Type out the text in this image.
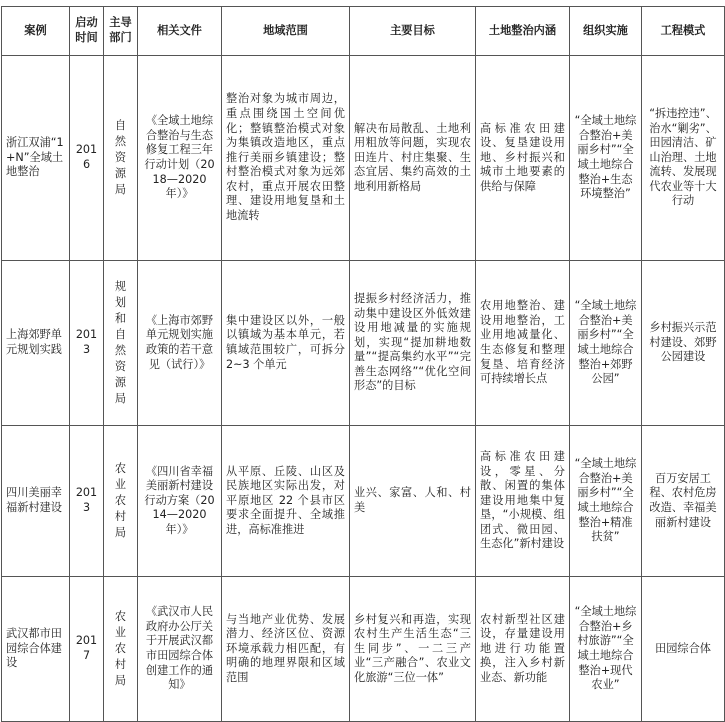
案例	启动时间	主导部门	相关文件	地域范围	主要目标	土地整治内涵	组织实施	工程模式
浙江双浦“1+N”全域土地整治	2016	自然资源局	《全域土地综合整治与生态修复工程三年行动计划（2018—2020年）》	整治对象为城市周边，重点围绕国土空间优化；整镇整治模式对象为集镇改造地区，重点推行美丽乡镇建设；整村整治模式对象为远郊农村，重点开展农田整理、建设用地复垦和土地流转	解决布局散乱、土地利用粗放等问题，实现农田连片、村庄集聚、生态宜居、集约高效的土地利用新格局	高标准农田建设、复垦建设用地、乡村振兴和城市土地要素的供给与保障	“全域土地综合整治+美丽乡村”“全域土地综合整治+生态环境整治”	“拆违控违”、治水“剿劣”、田园清洁、矿山治理、土地流转、发展现代农业等十大行动
上海郊野单元规划实践	2013	规划和自然资源局	《上海市郊野单元规划实施政策的若干意见（试行）》	集中建设区以外，一般以镇域为基本单元，若镇域范围较广，可拆分 2~3 个单元	提振乡村经济活力，推动集中建设区外低效建设用地减量的实施规划，实现“提加耕地数量”“提高集约水平”“完善生态网络”“优化空间形态”的目标	农用地整治、建设用地整治，工业用地减量化、生态修复和整理复垦、培育经济可持续增长点	“全域土地综合整治+美丽乡村”“全域土地综合整治+郊野公园”	乡村振兴示范村建设、郊野公园建设
四川美丽幸福新村建设	2013	农业农村局	《四川省幸福美丽新村建设行动方案（2014—2020年）》	从平原、丘陵、山区及民族地区实际出发，对平原地区 22 个县市区要求全面提升、全域推进，高标准推进	业兴、家富、人和、村美	高标准农田建设，零星、分散、闲置的集体建设用地集中复垦，“小规模、组团式、微田园、生态化”新村建设	“全域土地综合整治+美丽乡村”“全域土地综合整治+精准扶贫”	百万安居工程、农村危房改造、幸福美丽新村建设
武汉都市田园综合体建设	2017	农业农村局	《武汉市人民政府办公厅关于开展武汉都市田园综合体创建工作的通知》	与当地产业优势、发展潜力、经济区位、资源环境承载力相匹配，有明确的地理界限和区域范围	乡村复兴和再造，实现农村生产生活生态“三生同步”、一二三产业“三产融合”、农业文化旅游“三位一体”	农村新型社区建设，存量建设用地进行功能置换，注入乡村新业态、新功能	“全域土地综合整治+乡村旅游”“全域土地综合整治+现代农业”	田园综合体
